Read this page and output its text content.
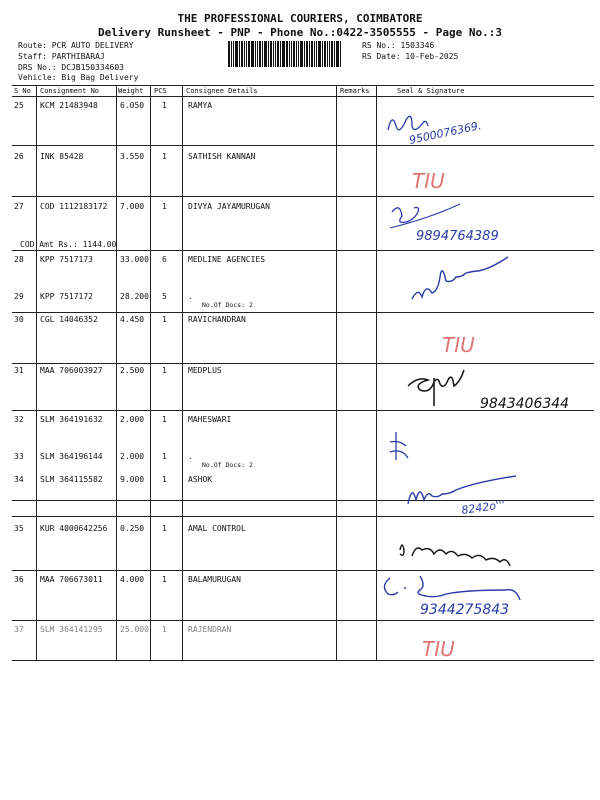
THE PROFESSIONAL COURIERS, COIMBATORE
Delivery Runsheet - PNP - Phone No.:0422-3505555 - Page No.:3
Route: PCR AUTO DELIVERY
Staff: PARTHIBARAJ
DRS No.: DCJB150334603
Vehicle: Big Bag Delivery
RS No.: 1503346
RS Date: 10-Feb-2025
S No Consignment No	Weight PCS	Consignee Details	Remarks	Seal & Signature
25 KCM 21483948	6.050 1	RAMYA
26 INK 85428	3.550 1	SATHISH KANNAN
27 COD 1112183172 7.000 1	DIVYA JAYAMURUGAN
28 KPP 7517173	33.000 6	MEDLINE AGENCIES
29 KPP 7517172	28.200 5	.
30 CGL 14046352	4.450 1	RAVICHANDRAN
31 MAA 706003927 2.500 1	MEDPLUS
32 SLM 364191632 2.000 1	MAHESWARI
33 SLM 364196144 2.000 1	.
34 SLM 364115582 9.000 1	ASHOK
35 KUR 4000642256 0.250 1	AMAL CONTROL
36 MAA 706673011 4.000 1	BALAMURUGAN
37 SLM 364141295 25.000 1	RAJENDRAN
COD Amt Rs.: 1144.00
No.Of Docs: 2
No.Of Docs: 2
9500076369.
TIU
9894764389
TIU
9843406344
8242o'''
9344275843
TIU
